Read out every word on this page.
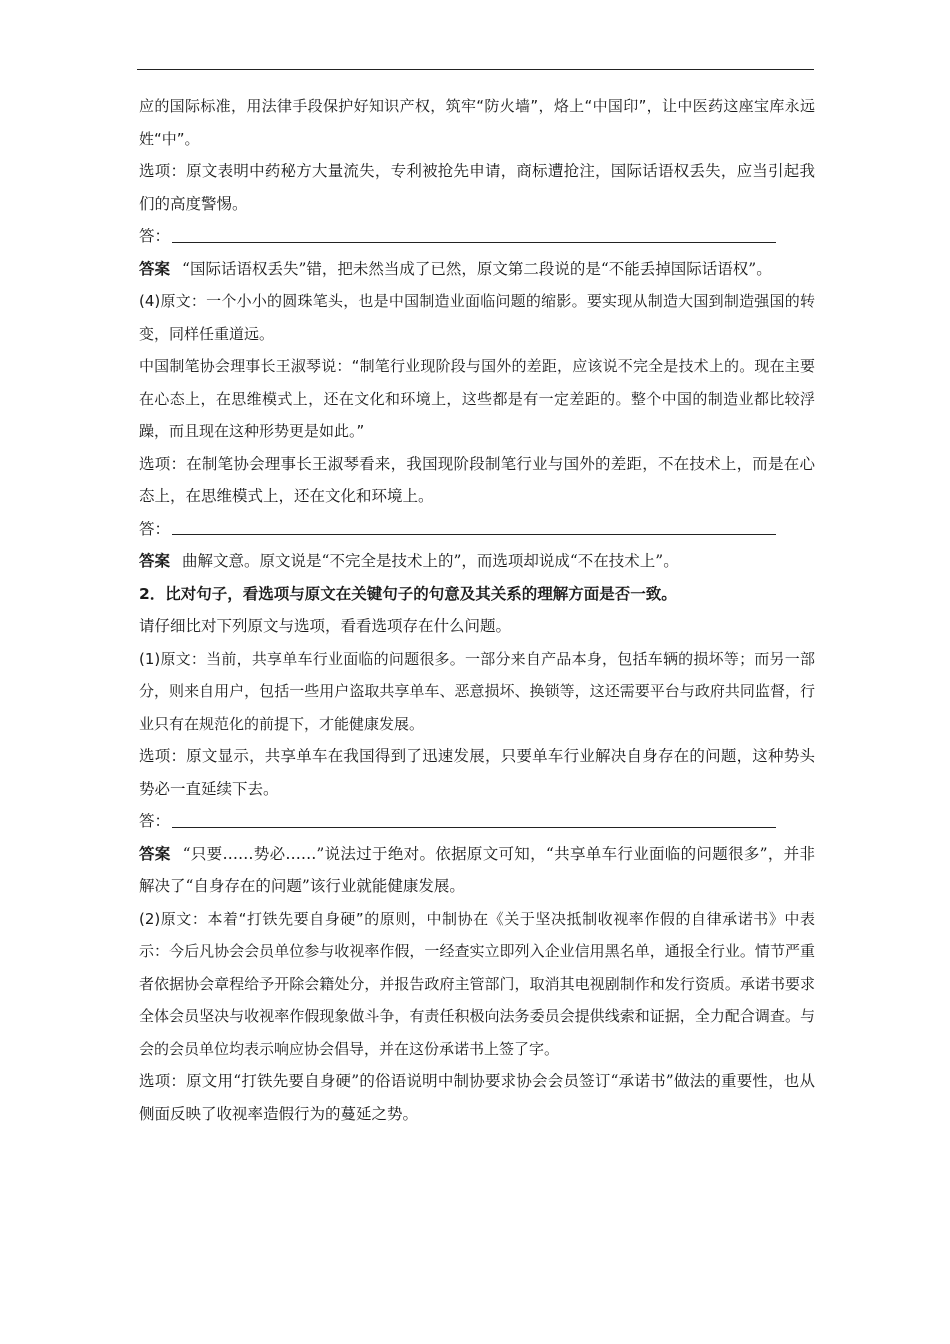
应的国际标准，用法律手段保护好知识产权，筑牢“防火墙”，烙上“中国印”，让中医药这座宝库永远姓“中”。

选项：原文表明中药秘方大量流失，专利被抢先申请，商标遭抢注，国际话语权丢失，应当引起我们的高度警惕。

答：

答案 “国际话语权丢失”错，把未然当成了已然，原文第二段说的是“不能丢掉国际话语权”。

(4)原文：一个小小的圆珠笔头，也是中国制造业面临问题的缩影。要实现从制造大国到制造强国的转变，同样任重道远。

中国制笔协会理事长王淑琴说：“制笔行业现阶段与国外的差距，应该说不完全是技术上的。现在主要在心态上，在思维模式上，还在文化和环境上，这些都是有一定差距的。整个中国的制造业都比较浮躁，而且现在这种形势更是如此。”

选项：在制笔协会理事长王淑琴看来，我国现阶段制笔行业与国外的差距，不在技术上，而是在心态上，在思维模式上，还在文化和环境上。

答：

答案 曲解文意。原文说是“不完全是技术上的”，而选项却说成“不在技术上”。

2．比对句子，看选项与原文在关键句子的句意及其关系的理解方面是否一致。

请仔细比对下列原文与选项，看看选项存在什么问题。

(1)原文：当前，共享单车行业面临的问题很多。一部分来自产品本身，包括车辆的损坏等；而另一部分，则来自用户，包括一些用户盗取共享单车、恶意损坏、换锁等，这还需要平台与政府共同监督，行业只有在规范化的前提下，才能健康发展。

选项：原文显示，共享单车在我国得到了迅速发展，只要单车行业解决自身存在的问题，这种势头势必一直延续下去。

答：

答案 “只要……势必……”说法过于绝对。依据原文可知，“共享单车行业面临的问题很多”，并非解决了“自身存在的问题”该行业就能健康发展。

(2)原文：本着“打铁先要自身硬”的原则，中制协在《关于坚决抵制收视率作假的自律承诺书》中表示：今后凡协会会员单位参与收视率作假，一经查实立即列入企业信用黑名单，通报全行业。情节严重者依据协会章程给予开除会籍处分，并报告政府主管部门，取消其电视剧制作和发行资质。承诺书要求全体会员坚决与收视率作假现象做斗争，有责任积极向法务委员会提供线索和证据，全力配合调查。与会的会员单位均表示响应协会倡导，并在这份承诺书上签了字。

选项：原文用“打铁先要自身硬”的俗语说明中制协要求协会会员签订“承诺书”做法的重要性，也从侧面反映了收视率造假行为的蔓延之势。
